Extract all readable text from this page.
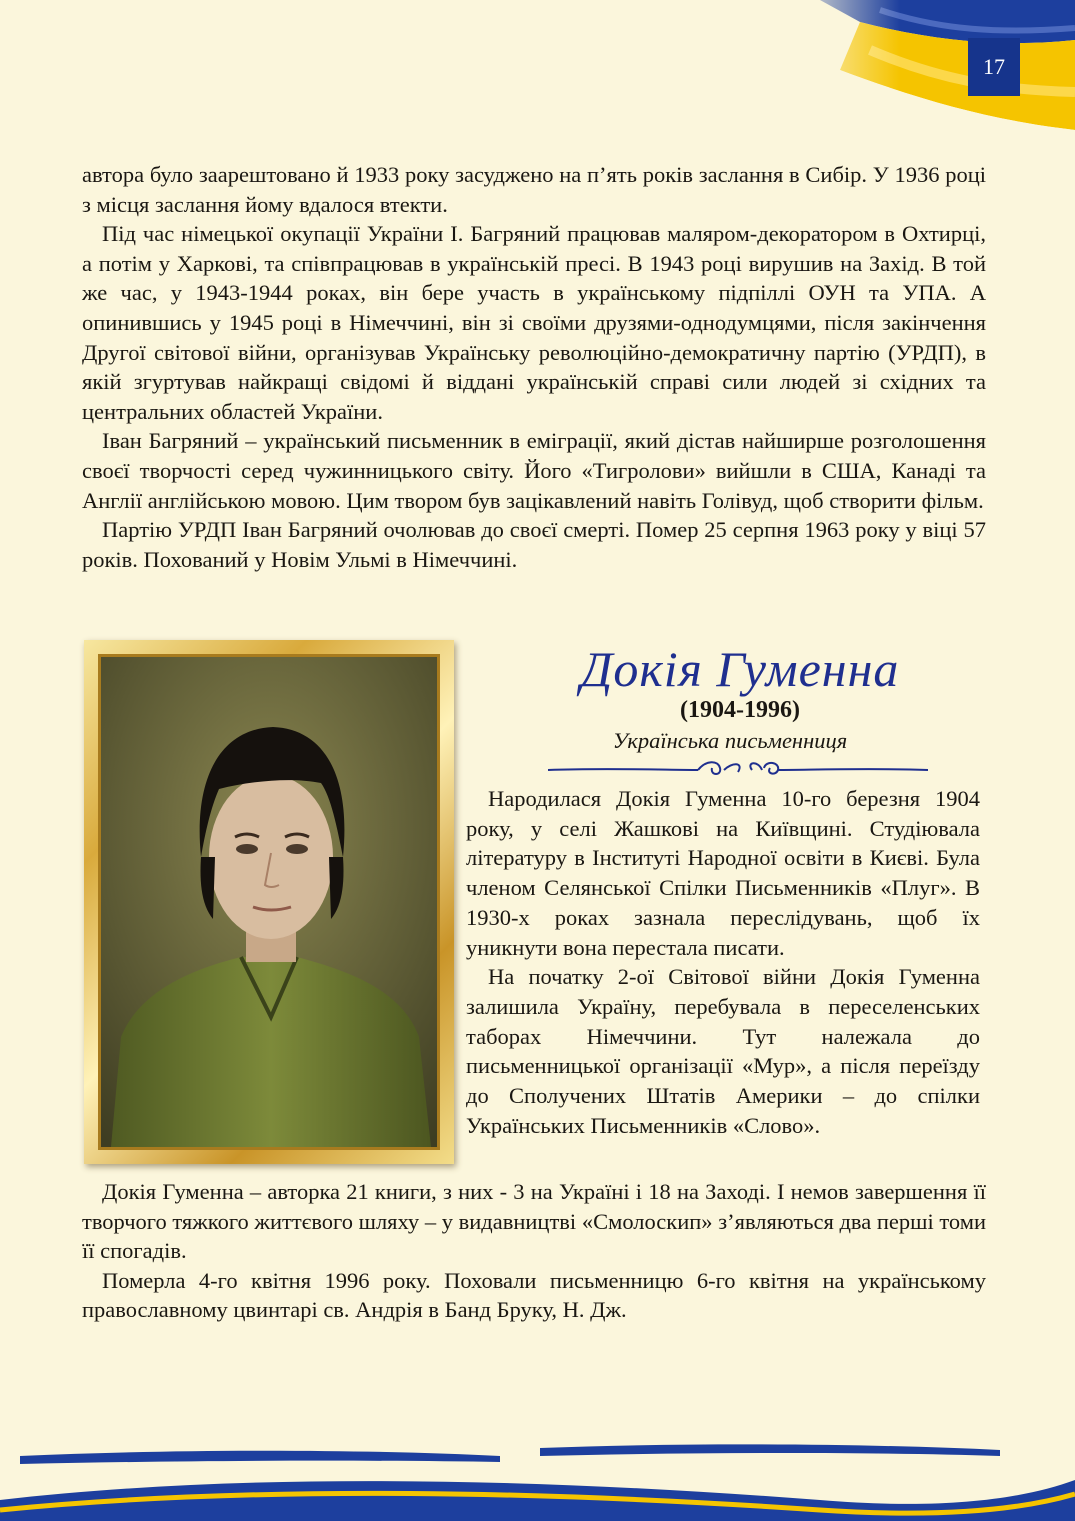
17

автора було заарештовано й 1933 року засуджено на п’ять років заслання в Сибір. У 1936 році з місця заслання йому вдалося втекти.

Під час німецької окупації України І. Багряний працював малярoм-декоратором в Охтирці, а потім у Харкові, та співпрацював в українській пресі. В 1943 році вирушив на Захід. В той же час, у 1943-1944 роках, він бере участь в українському підпіллі ОУН та УПА. А опинившись у 1945 році в Німеччині, він зі своїми друзями-однодумцями, після закінчення Другої світової війни, організував Українську революційно-демократичну партію (УРДП), в якій згуртував найкращі свідомі й віддані українській справі сили людей зі східних та центральних областей України.

Іван Багряний – український письменник в еміграції, який дістав найширше розголошення своєї творчості серед чужинницького світу. Його «Тигролови» вийшли в США, Канаді та Англії англійською мовою. Цим твором був зацікавлений навіть Голівуд, щоб створити фільм.

Партію УРДП Іван Багряний очолював до своєї смерті. Помер 25 серпня 1963 року у віці 57 років. Похований у Новім Ульмі в Німеччині.

Докія Гуменна
(1904-1996)
Українська письменниця

Народилася Докія Гуменна 10-го березня 1904 року, у селі Жашкові на Київщині. Студіювала літературу в Інституті Народної освіти в Києві. Була членом Селянської Спілки Письменників «Плуг». В 1930-х роках зазнала переслідувань, щоб їх уникнути вона перестала писати.

На початку 2-ої Світової війни Докія Гуменна залишила Україну, перебувала в переселенських таборах Німеччини. Тут належала до письменницької організації «Мур», а після переїзду до Сполучених Штатів Америки – до спілки Українських Письменників «Слово».

Докія Гуменна – авторка 21 книги, з них - 3 на Україні і 18 на Заході. І немов завершення її творчого тяжкого життєвого шляху – у видавництві «Смолоскип» з’являються два перші томи її спогадів.

Померла 4-го квітня 1996 року. Поховали письменницю 6-го квітня на українському православному цвинтарі св. Андрія в Банд Бруку, Н. Дж.
